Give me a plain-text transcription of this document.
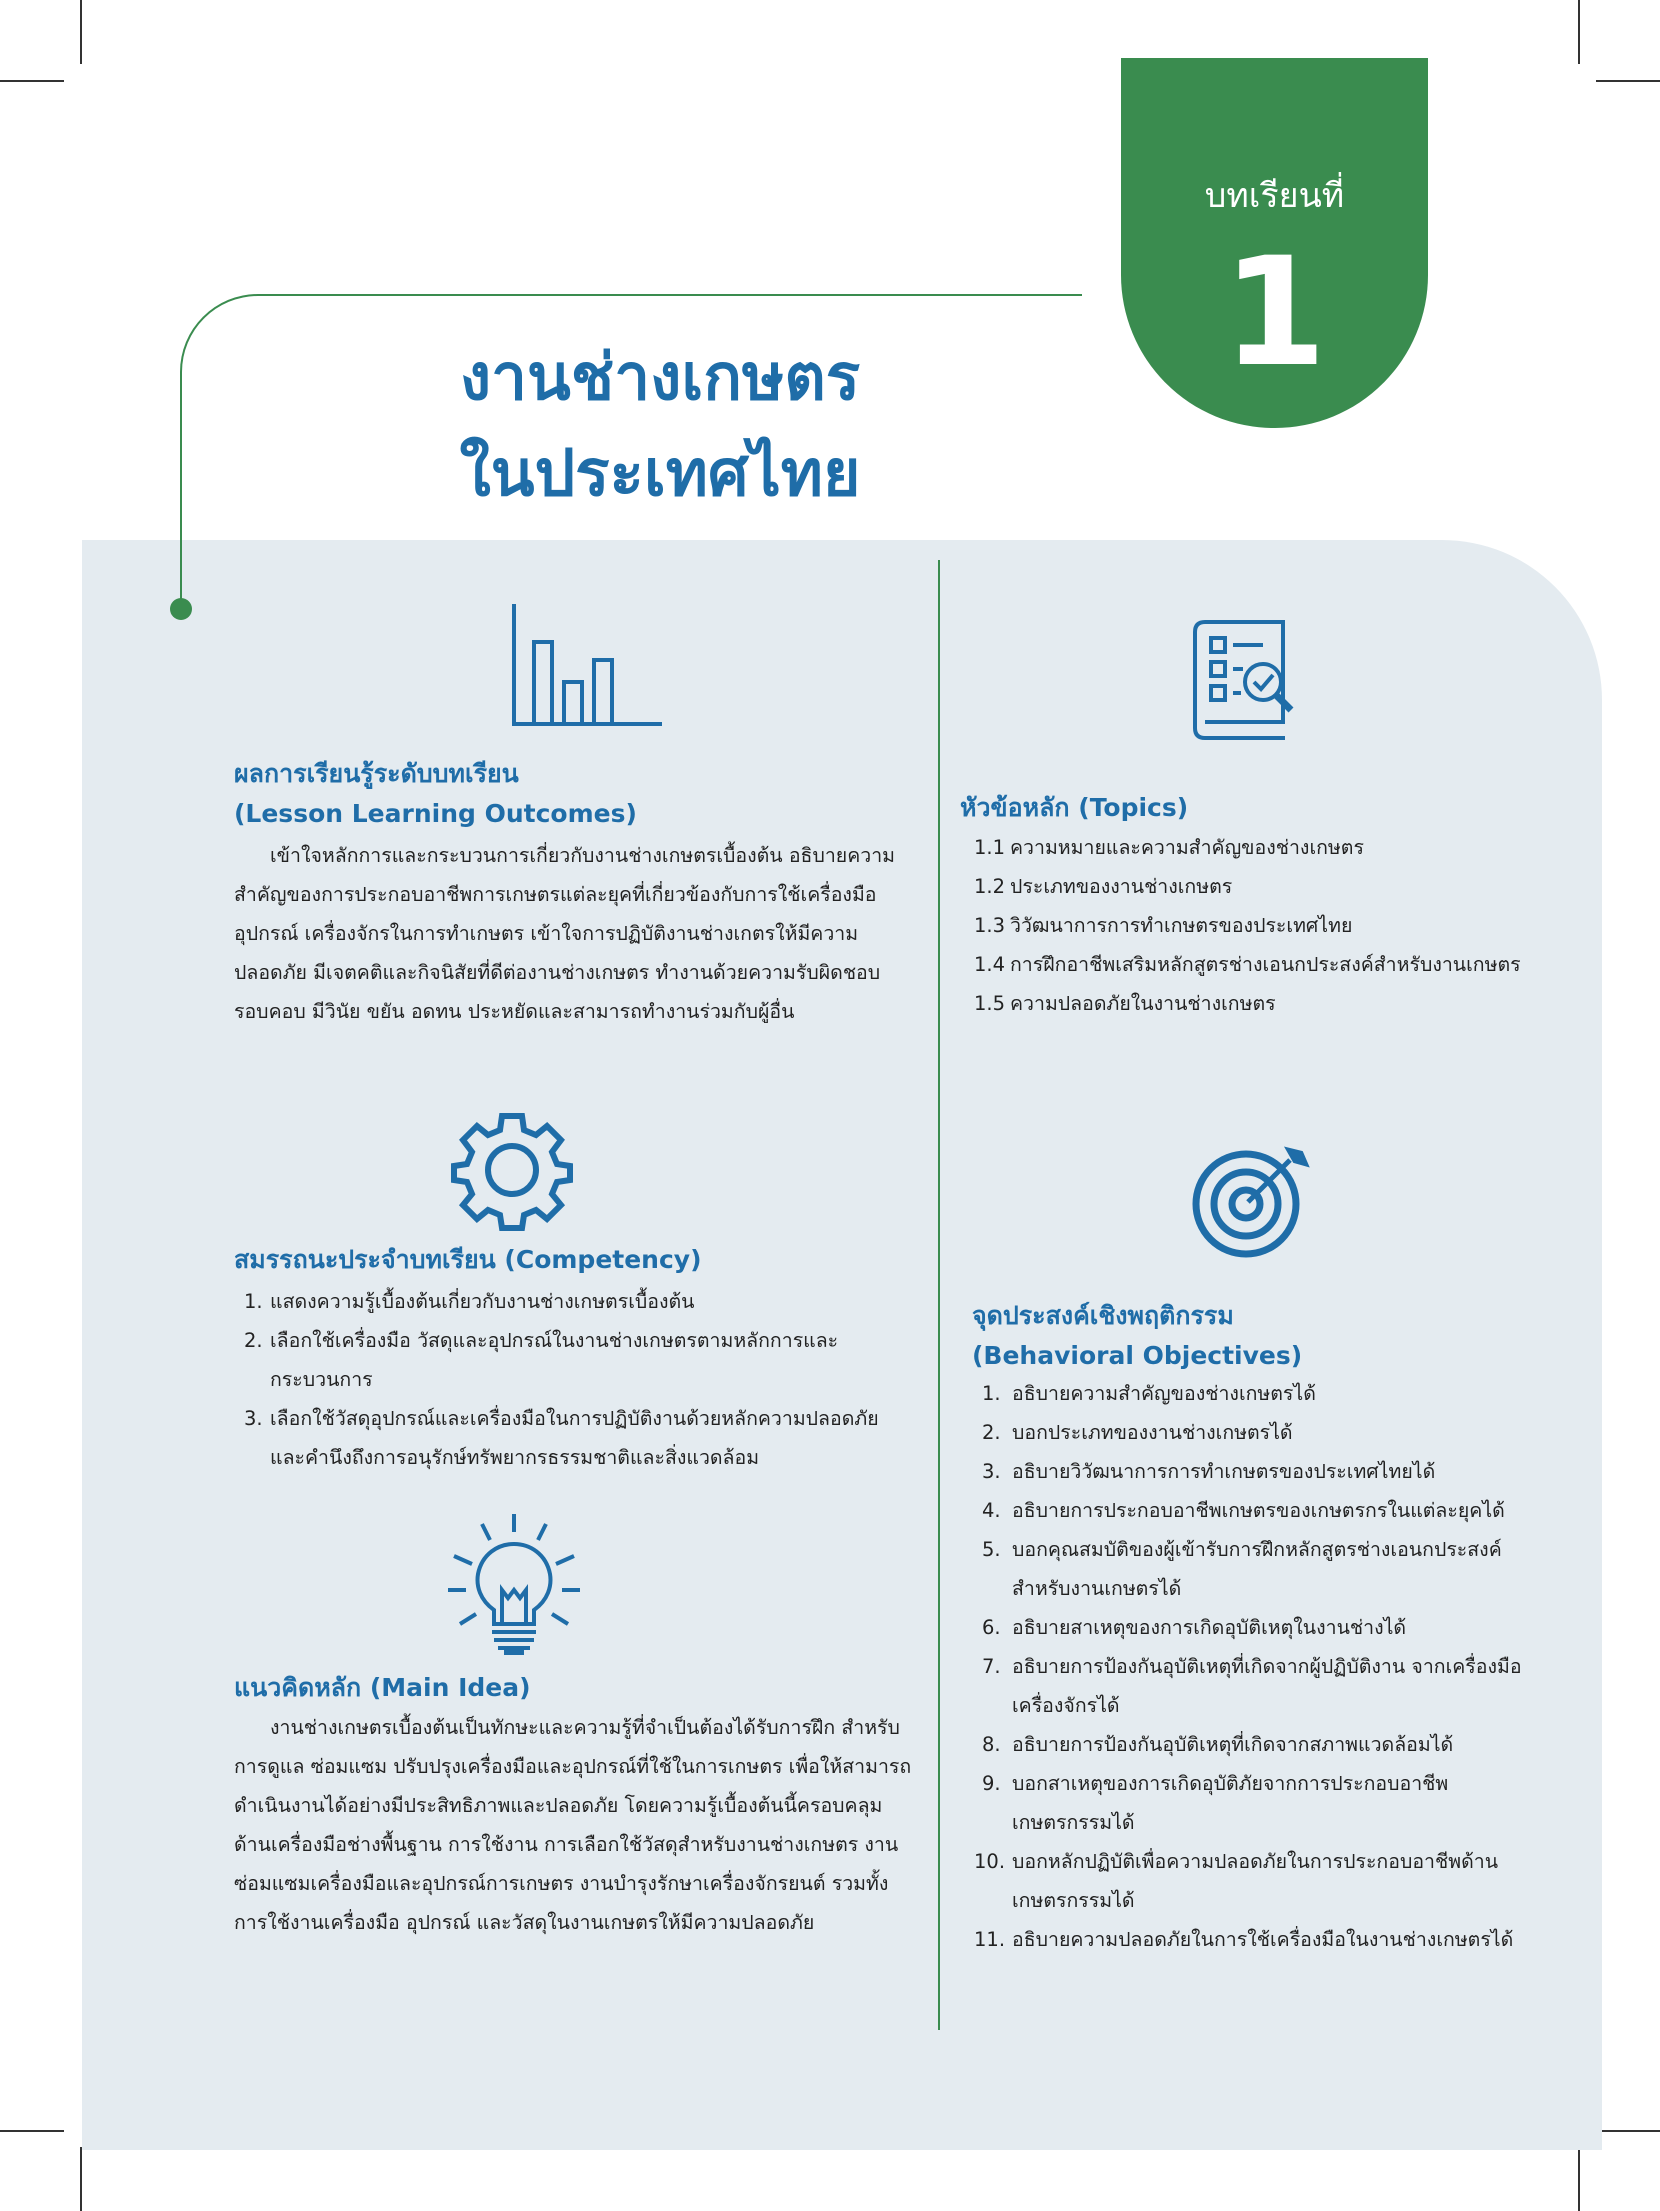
งานช่างเกษตร
ในประเทศไทย
บทเรียนที่
1
ผลการเรียนรู้ระดับบทเรียน
(Lesson Learning Outcomes)

เข้าใจหลักการและกระบวนการเกี่ยวกับงานช่างเกษตรเบื้องต้น อธิบายความสำคัญของการประกอบอาชีพการเกษตรแต่ละยุคที่เกี่ยวข้องกับการใช้เครื่องมืออุปกรณ์ เครื่องจักรในการทำเกษตร เข้าใจการปฏิบัติงานช่างเกตรให้มีความปลอดภัย มีเจตคติและกิจนิสัยที่ดีต่องานช่างเกษตร ทำงานด้วยความรับผิดชอบ รอบคอบ มีวินัย ขยัน อดทน ประหยัดและสามารถทำงานร่วมกับผู้อื่น

สมรรถนะประจำบทเรียน (Competency)
1. แสดงความรู้เบื้องต้นเกี่ยวกับงานช่างเกษตรเบื้องต้น
2. เลือกใช้เครื่องมือ วัสดุและอุปกรณ์ในงานช่างเกษตรตามหลักการและกระบวนการ
3. เลือกใช้วัสดุอุปกรณ์และเครื่องมือในการปฏิบัติงานด้วยหลักความปลอดภัย และคำนึงถึงการอนุรักษ์ทรัพยากรธรรมชาติและสิ่งแวดล้อม
แนวคิดหลัก (Main Idea)

งานช่างเกษตรเบื้องต้นเป็นทักษะและความรู้ที่จำเป็นต้องได้รับการฝึก สำหรับการดูแล ซ่อมแซม ปรับปรุงเครื่องมือและอุปกรณ์ที่ใช้ในการเกษตร เพื่อให้สามารถดำเนินงานได้อย่างมีประสิทธิภาพและปลอดภัย โดยความรู้เบื้องต้นนี้ครอบคลุมด้านเครื่องมือช่างพื้นฐาน การใช้งาน การเลือกใช้วัสดุสำหรับงานช่างเกษตร งานซ่อมแซมเครื่องมือและอุปกรณ์การเกษตร งานบำรุงรักษาเครื่องจักรยนต์ รวมทั้งการใช้งานเครื่องมือ อุปกรณ์ และวัสดุในงานเกษตรให้มีความปลอดภัย

หัวข้อหลัก (Topics)
1.1 ความหมายและความสำคัญของช่างเกษตร
1.2 ประเภทของงานช่างเกษตร
1.3 วิวัฒนาการการทำเกษตรของประเทศไทย
1.4 การฝึกอาชีพเสริมหลักสูตรช่างเอนกประสงค์สำหรับงานเกษตร
1.5 ความปลอดภัยในงานช่างเกษตร
จุดประสงค์เชิงพฤติกรรม
(Behavioral Objectives)
1. อธิบายความสำคัญของช่างเกษตรได้
2. บอกประเภทของงานช่างเกษตรได้
3. อธิบายวิวัฒนาการการทำเกษตรของประเทศไทยได้
4. อธิบายการประกอบอาชีพเกษตรของเกษตรกรในแต่ละยุคได้
5. บอกคุณสมบัติของผู้เข้ารับการฝึกหลักสูตรช่างเอนกประสงค์ สำหรับงานเกษตรได้
6. อธิบายสาเหตุของการเกิดอุบัติเหตุในงานช่างได้
7. อธิบายการป้องกันอุบัติเหตุที่เกิดจากผู้ปฏิบัติงาน จากเครื่องมือ เครื่องจักรได้
8. อธิบายการป้องกันอุบัติเหตุที่เกิดจากสภาพแวดล้อมได้
9. บอกสาเหตุของการเกิดอุบัติภัยจากการประกอบอาชีพ เกษตรกรรมได้
10. บอกหลักปฏิบัติเพื่อความปลอดภัยในการประกอบอาชีพด้าน เกษตรกรรมได้
11. อธิบายความปลอดภัยในการใช้เครื่องมือในงานช่างเกษตรได้
